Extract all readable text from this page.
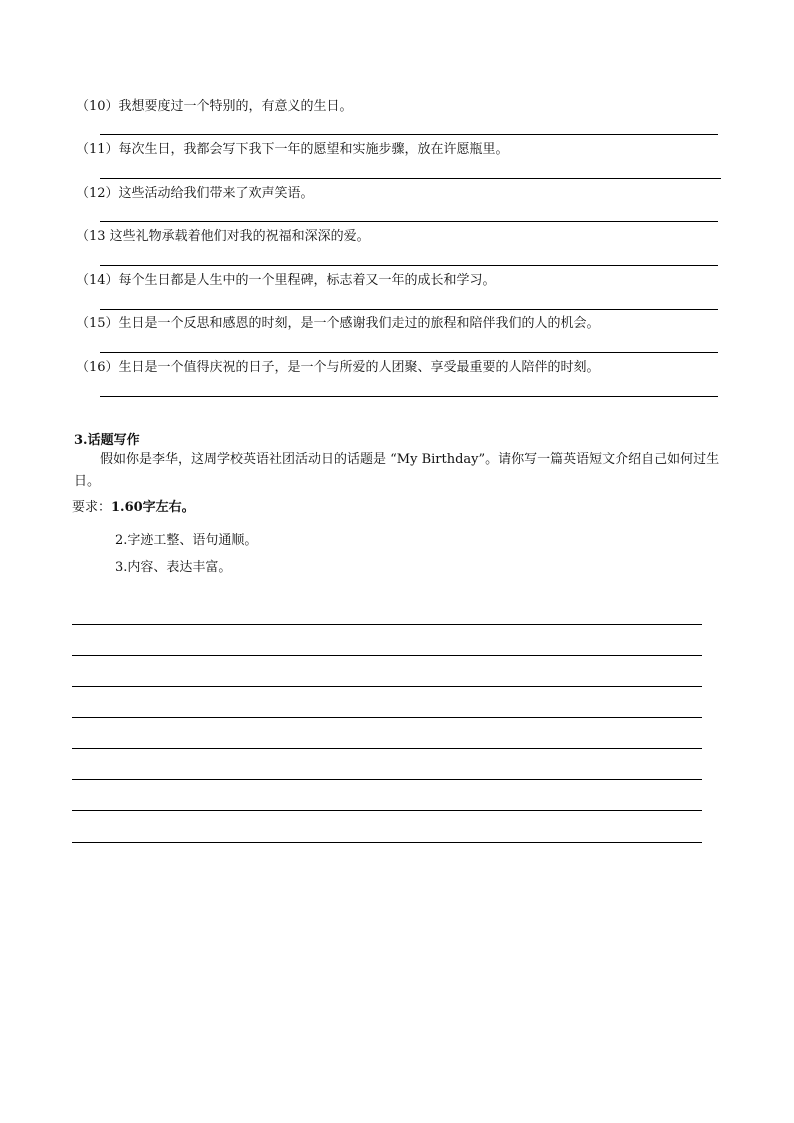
（10）我想要度过一个特别的，有意义的生日。
（11）每次生日，我都会写下我下一年的愿望和实施步骤，放在许愿瓶里。
（12）这些活动给我们带来了欢声笑语。
（13 这些礼物承载着他们对我的祝福和深深的爱。
（14）每个生日都是人生中的一个里程碑，标志着又一年的成长和学习。
（15）生日是一个反思和感恩的时刻，是一个感谢我们走过的旅程和陪伴我们的人的机会。
（16）生日是一个值得庆祝的日子，是一个与所爱的人团聚、享受最重要的人陪伴的时刻。
3.话题写作
假如你是李华，这周学校英语社团活动日的话题是 “My Birthday”。请你写一篇英语短文介绍自己如何过生日。
要求：1.60字左右。
2.字迹工整、语句通顺。
3.内容、表达丰富。
